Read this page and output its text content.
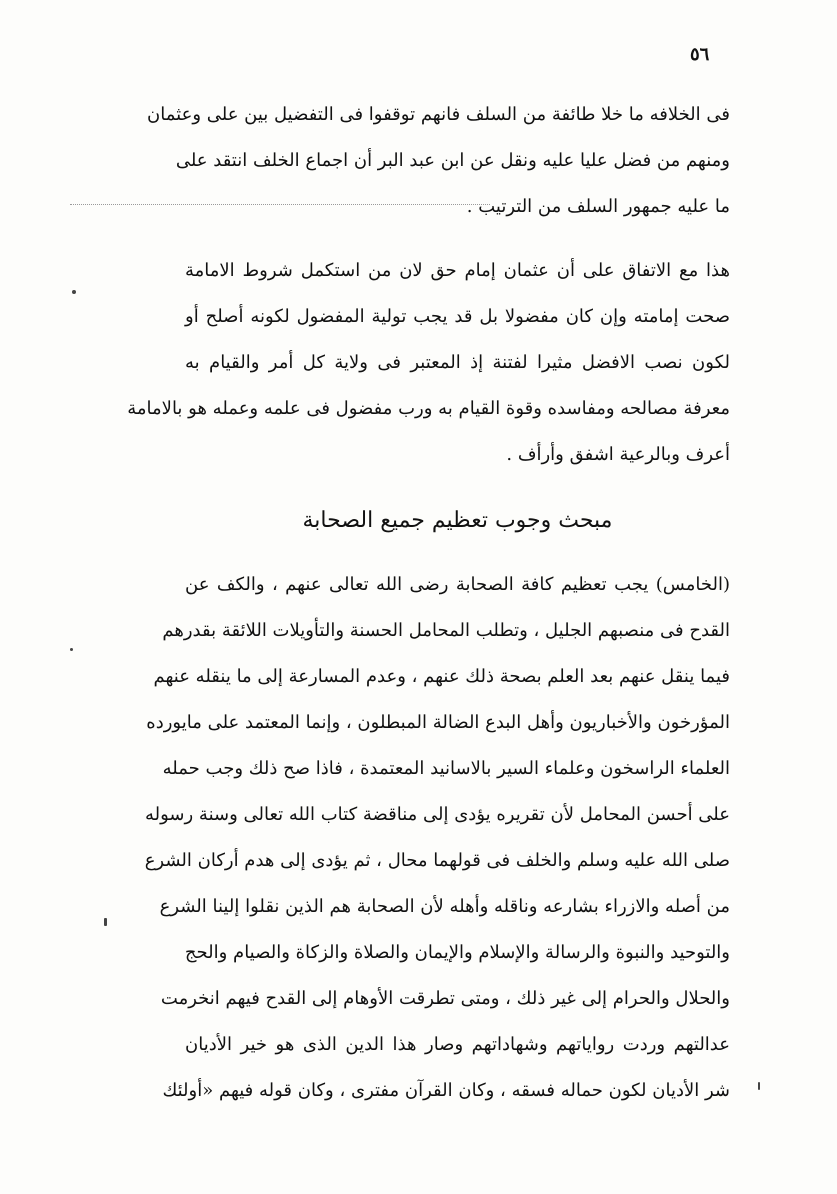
٥٦
فى الخلافه ما خلا طائفة من السلف فانهم توقفوا فى التفضيل بين على وعثمان
ومنهم من فضل عليا عليه ونقل عن ابن عبد البر أن اجماع الخلف انتقد على
ما عليه جمهور السلف من الترتيب .
هذا مع الاتفاق على أن عثمان إمام حق لان من استكمل شروط الامامة
صحت إمامته وإن كان مفضولا بل قد يجب تولية المفضول لكونه أصلح أو
لكون نصب الافضل مثيرا لفتنة إذ المعتبر فى ولاية كل أمر والقيام به
معرفة مصالحه ومفاسده وقوة القيام به ورب مفضول فى علمه وعمله هو بالامامة
أعرف وبالرعية اشفق وأرأف .
مبحث وجوب تعظيم جميع الصحابة
(الخامس) يجب تعظيم كافة الصحابة رضى الله تعالى عنهم ، والكف عن
القدح فى منصبهم الجليل ، وتطلب المحامل الحسنة والتأويلات اللائقة بقدرهم
فيما ينقل عنهم بعد العلم بصحة ذلك عنهم ، وعدم المسارعة إلى ما ينقله عنهم
المؤرخون والأخباريون وأهل البدع الضالة المبطلون ، وإنما المعتمد على مايورده
العلماء الراسخون وعلماء السير بالاسانيد المعتمدة ، فاذا صح ذلك وجب حمله
على أحسن المحامل لأن تقريره يؤدى إلى مناقضة كتاب الله تعالى وسنة رسوله
صلى الله عليه وسلم والخلف فى قولهما محال ، ثم يؤدى إلى هدم أركان الشرع
من أصله والازراء بشارعه وناقله وأهله لأن الصحابة هم الذين نقلوا إلينا الشرع
والتوحيد والنبوة والرسالة والإسلام والإيمان والصلاة والزكاة والصيام والحج
والحلال والحرام إلى غير ذلك ، ومتى تطرقت الأوهام إلى القدح فيهم انخرمت
عدالتهم وردت رواياتهم وشهاداتهم وصار هذا الدين الذى هو خير الأديان
شر الأديان لكون حماله فسقه ، وكان القرآن مفترى ، وكان قوله فيهم «أولئك
